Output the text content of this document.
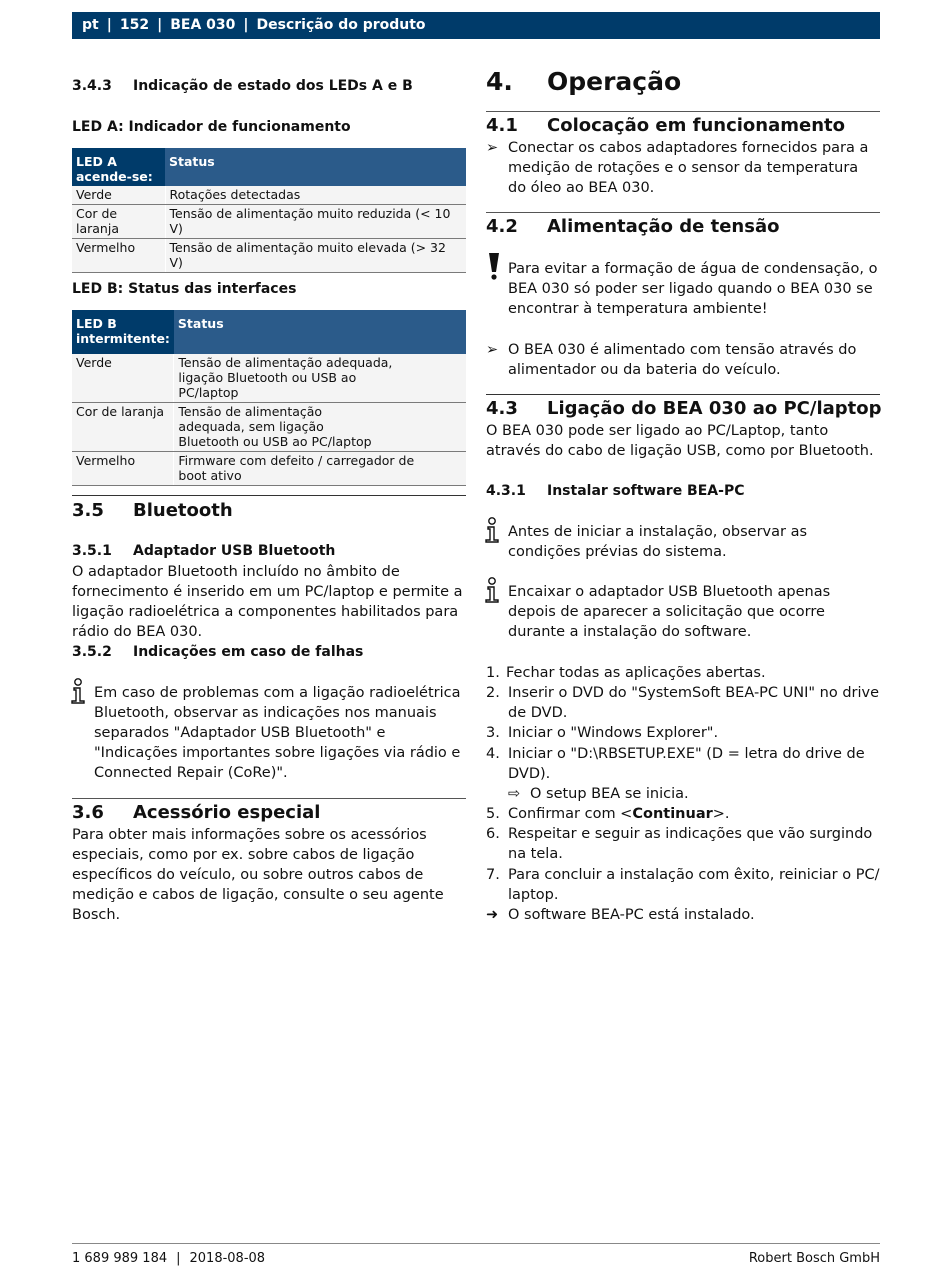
pt | 152 | BEA 030 | Descrição do produto
3.4.3 Indicação de estado dos LEDs A e B
LED A: Indicador de funcionamento
LED A acende-se:	Status
Verde	Rotações detectadas
Cor de laranja	Tensão de alimentação muito reduzida (< 10 V)
Vermelho	Tensão de alimentação muito elevada (> 32 V)
LED B: Status das interfaces
LED B intermitente:	Status
Verde	Tensão de alimentação adequada, ligação Bluetooth ou USB ao PC/laptop
Cor de laranja	Tensão de alimentação adequada, sem ligação Bluetooth ou USB ao PC/laptop
Vermelho	Firmware com defeito / carregador de boot ativo
3.5 Bluetooth
3.5.1 Adaptador USB Bluetooth
O adaptador Bluetooth incluído no âmbito de fornecimento é inserido em um PC/laptop e permite a ligação radioelétrica a componentes habilitados para rádio do BEA 030.
3.5.2 Indicações em caso de falhas
Em caso de problemas com a ligação radioelétrica Bluetooth, observar as indicações nos manuais separados "Adaptador USB Bluetooth" e "Indicações importantes sobre ligações via rádio e Connected Repair (CoRe)".
3.6 Acessório especial
Para obter mais informações sobre os acessórios especiais, como por ex. sobre cabos de ligação específicos do veículo, ou sobre outros cabos de medição e cabos de ligação, consulte o seu agente Bosch.
4. Operação
4.1 Colocação em funcionamento
➢ Conectar os cabos adaptadores fornecidos para a medição de rotações e o sensor da temperatura do óleo ao BEA 030.
4.2 Alimentação de tensão
Para evitar a formação de água de condensação, o BEA 030 só poder ser ligado quando o BEA 030 se encontrar à temperatura ambiente!
➢ O BEA 030 é alimentado com tensão através do alimentador ou da bateria do veículo.
4.3 Ligação do BEA 030 ao PC/laptop
O BEA 030 pode ser ligado ao PC/Laptop, tanto através do cabo de ligação USB, como por Bluetooth.
4.3.1 Instalar software BEA-PC
Antes de iniciar a instalação, observar as condições prévias do sistema.
Encaixar o adaptador USB Bluetooth apenas depois de aparecer a solicitação que ocorre durante a instalação do software.
1. Fechar todas as aplicações abertas.
2. Inserir o DVD do "SystemSoft BEA-PC UNI" no drive de DVD.
3. Iniciar o "Windows Explorer".
4. Iniciar o "D:\RBSETUP.EXE" (D = letra do drive de DVD).
⇨ O setup BEA se inicia.
5. Confirmar com <Continuar>.
6. Respeitar e seguir as indicações que vão surgindo na tela.
7. Para concluir a instalação com êxito, reiniciar o PC/ laptop.
➜ O software BEA-PC está instalado.
1 689 989 184 | 2018-08-08	Robert Bosch GmbH
